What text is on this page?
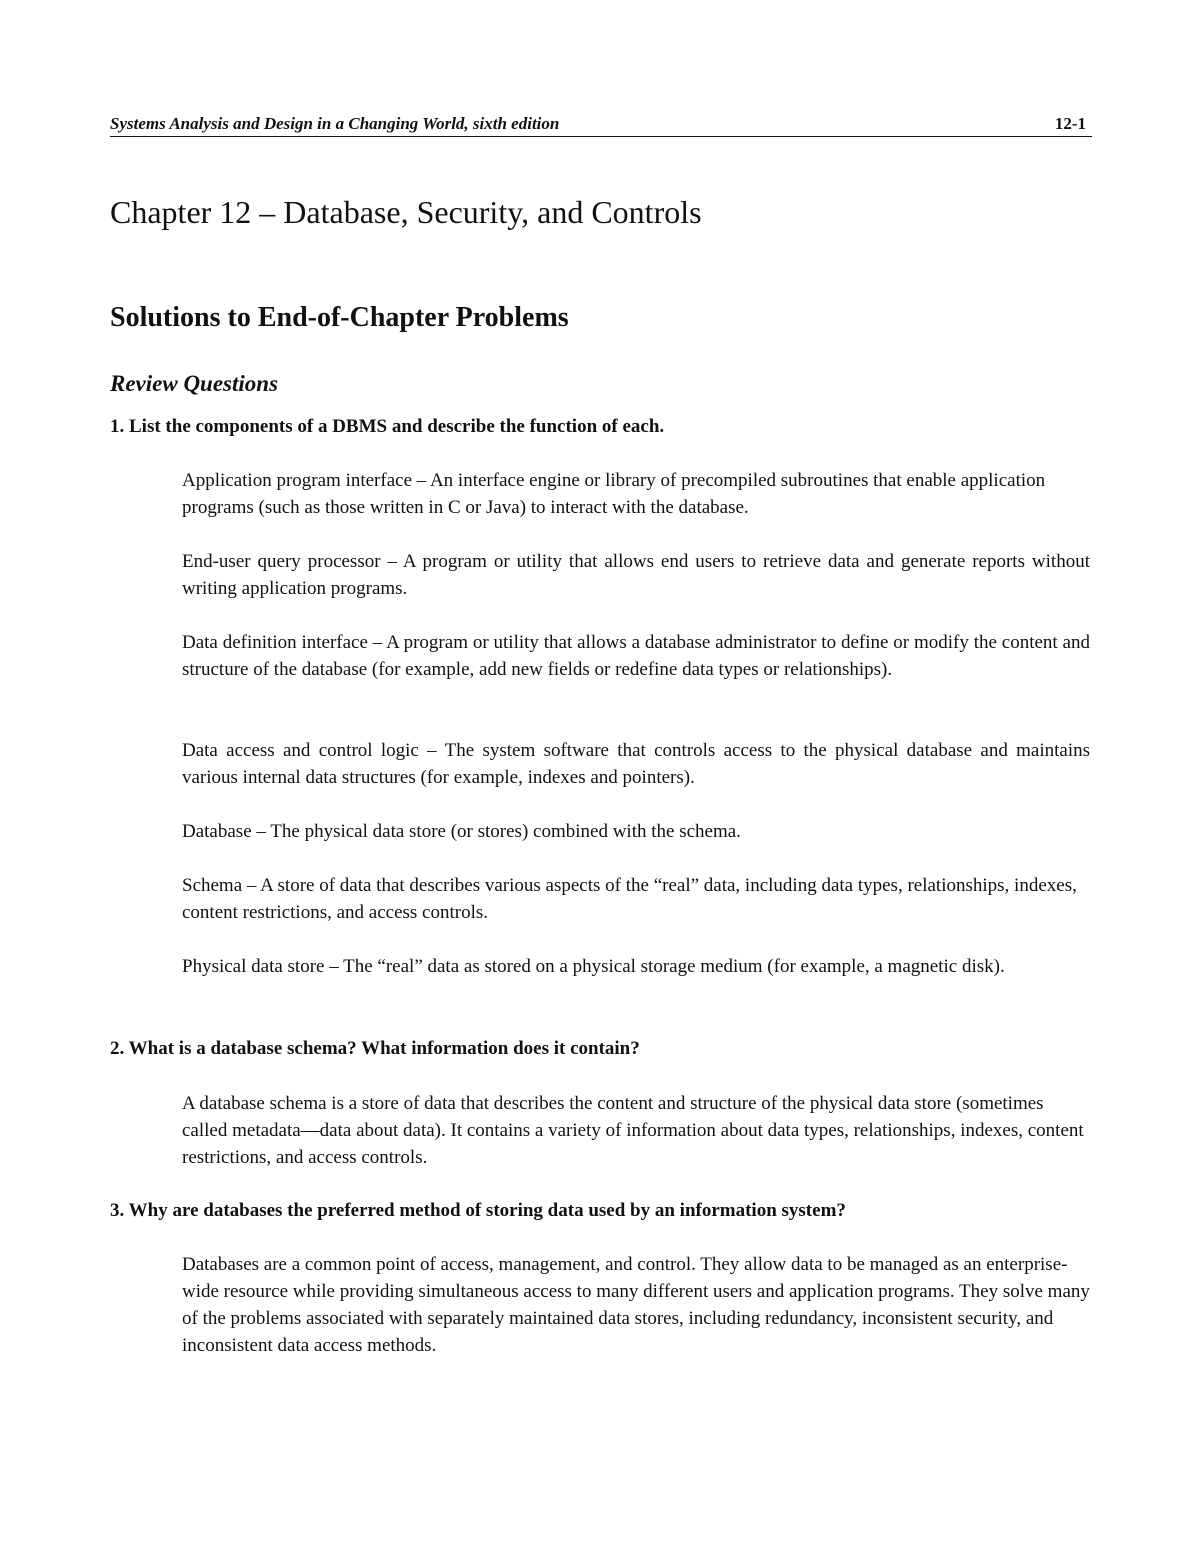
Systems Analysis and Design in a Changing World, sixth edition	12-1
Chapter 12 – Database, Security, and Controls
Solutions to End-of-Chapter Problems
Review Questions

1. List the components of a DBMS and describe the function of each.

Application program interface – An interface engine or library of precompiled subroutines that enable application programs (such as those written in C or Java) to interact with the database.

End-user query processor – A program or utility that allows end users to retrieve data and generate reports without writing application programs.

Data definition interface – A program or utility that allows a database administrator to define or modify the content and structure of the database (for example, add new fields or redefine data types or relationships).

Data access and control logic – The system software that controls access to the physical database and maintains various internal data structures (for example, indexes and pointers).

Database – The physical data store (or stores) combined with the schema.

Schema – A store of data that describes various aspects of the “real” data, including data types, relationships, indexes, content restrictions, and access controls.

Physical data store – The “real” data as stored on a physical storage medium (for example, a magnetic disk).

2. What is a database schema? What information does it contain?

A database schema is a store of data that describes the content and structure of the physical data store (sometimes called metadata—data about data). It contains a variety of information about data types, relationships, indexes, content restrictions, and access controls.

3. Why are databases the preferred method of storing data used by an information system?

Databases are a common point of access, management, and control. They allow data to be managed as an enterprise-wide resource while providing simultaneous access to many different users and application programs. They solve many of the problems associated with separately maintained data stores, including redundancy, inconsistent security, and inconsistent data access methods.
